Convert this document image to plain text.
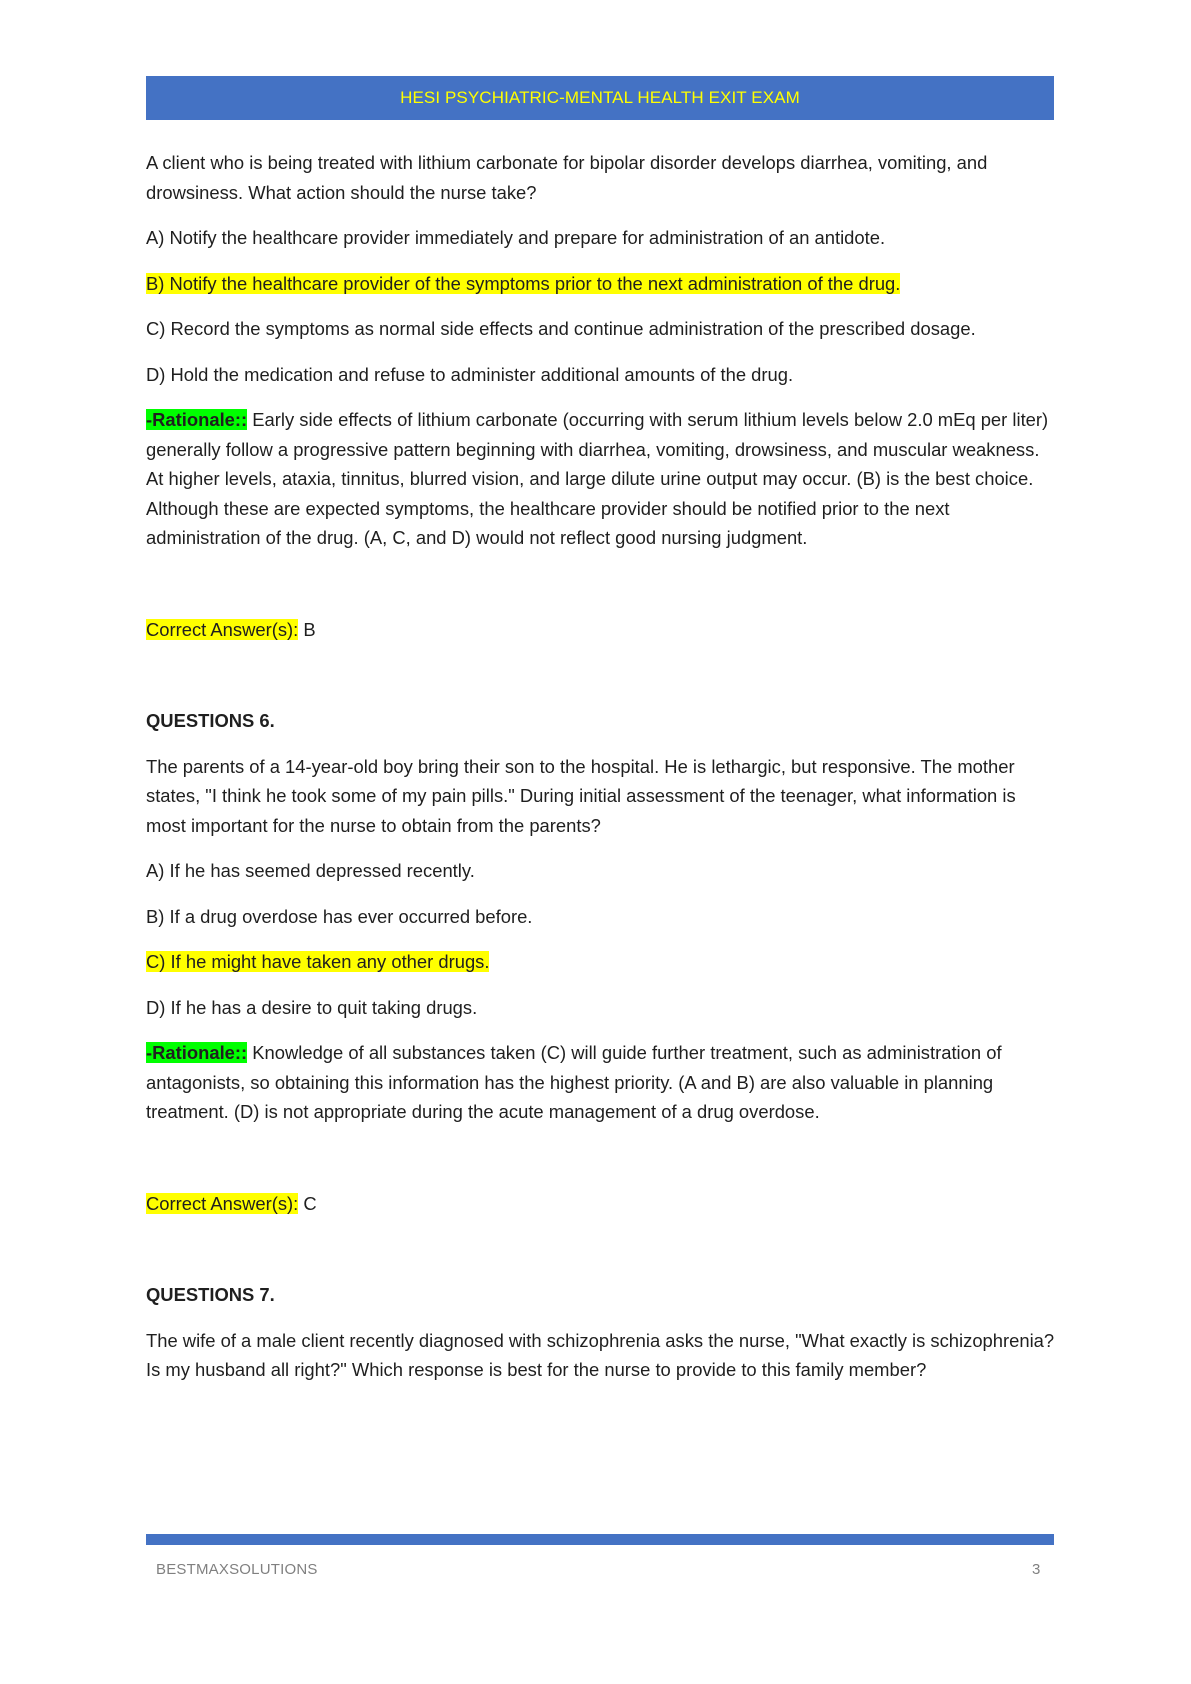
HESI PSYCHIATRIC-MENTAL HEALTH EXIT EXAM

A client who is being treated with lithium carbonate for bipolar disorder develops diarrhea, vomiting, and drowsiness. What action should the nurse take?

A) Notify the healthcare provider immediately and prepare for administration of an antidote.

B) Notify the healthcare provider of the symptoms prior to the next administration of the drug.

C) Record the symptoms as normal side effects and continue administration of the prescribed dosage.

D) Hold the medication and refuse to administer additional amounts of the drug.

-Rationale:: Early side effects of lithium carbonate (occurring with serum lithium levels below 2.0 mEq per liter) generally follow a progressive pattern beginning with diarrhea, vomiting, drowsiness, and muscular weakness. At higher levels, ataxia, tinnitus, blurred vision, and large dilute urine output may occur. (B) is the best choice. Although these are expected symptoms, the healthcare provider should be notified prior to the next administration of the drug. (A, C, and D) would not reflect good nursing judgment.

Correct Answer(s): B

QUESTIONS 6.

The parents of a 14-year-old boy bring their son to the hospital. He is lethargic, but responsive. The mother states, "I think he took some of my pain pills." During initial assessment of the teenager, what information is most important for the nurse to obtain from the parents?

A) If he has seemed depressed recently.

B) If a drug overdose has ever occurred before.

C) If he might have taken any other drugs.

D) If he has a desire to quit taking drugs.

-Rationale:: Knowledge of all substances taken (C) will guide further treatment, such as administration of antagonists, so obtaining this information has the highest priority. (A and B) are also valuable in planning treatment. (D) is not appropriate during the acute management of a drug overdose.

Correct Answer(s): C

QUESTIONS 7.

The wife of a male client recently diagnosed with schizophrenia asks the nurse, "What exactly is schizophrenia? Is my husband all right?" Which response is best for the nurse to provide to this family member?

BESTMAXSOLUTIONS	3
